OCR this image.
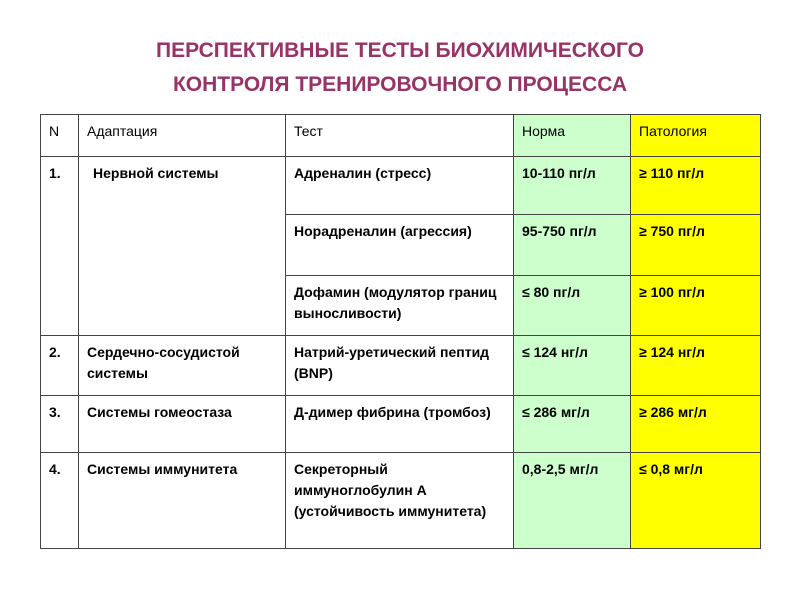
ПЕРСПЕКТИВНЫЕ ТЕСТЫ БИОХИМИЧЕСКОГО
КОНТРОЛЯ ТРЕНИРОВОЧНОГО ПРОЦЕССА
N	Адаптация	Тест	Норма	Патология
1.	Нервной системы	Адреналин (стресс)	10-110 пг/л	≥ 110 пг/л
		Норадреналин (агрессия)	95-750 пг/л	≥ 750 пг/л
		Дофамин (модулятор границ выносливости)	≤ 80 пг/л	≥ 100 пг/л
2.	Сердечно-сосудистой системы	Натрий-уретический пептид (BNP)	≤ 124 нг/л	≥ 124 нг/л
3.	Системы гомеостаза	Д-димер фибрина (тромбоз)	≤ 286 мг/л	≥ 286 мг/л
4.	Системы иммунитета	Секреторный иммуноглобулин А (устойчивость иммунитета)	0,8-2,5 мг/л	≤ 0,8 мг/л
